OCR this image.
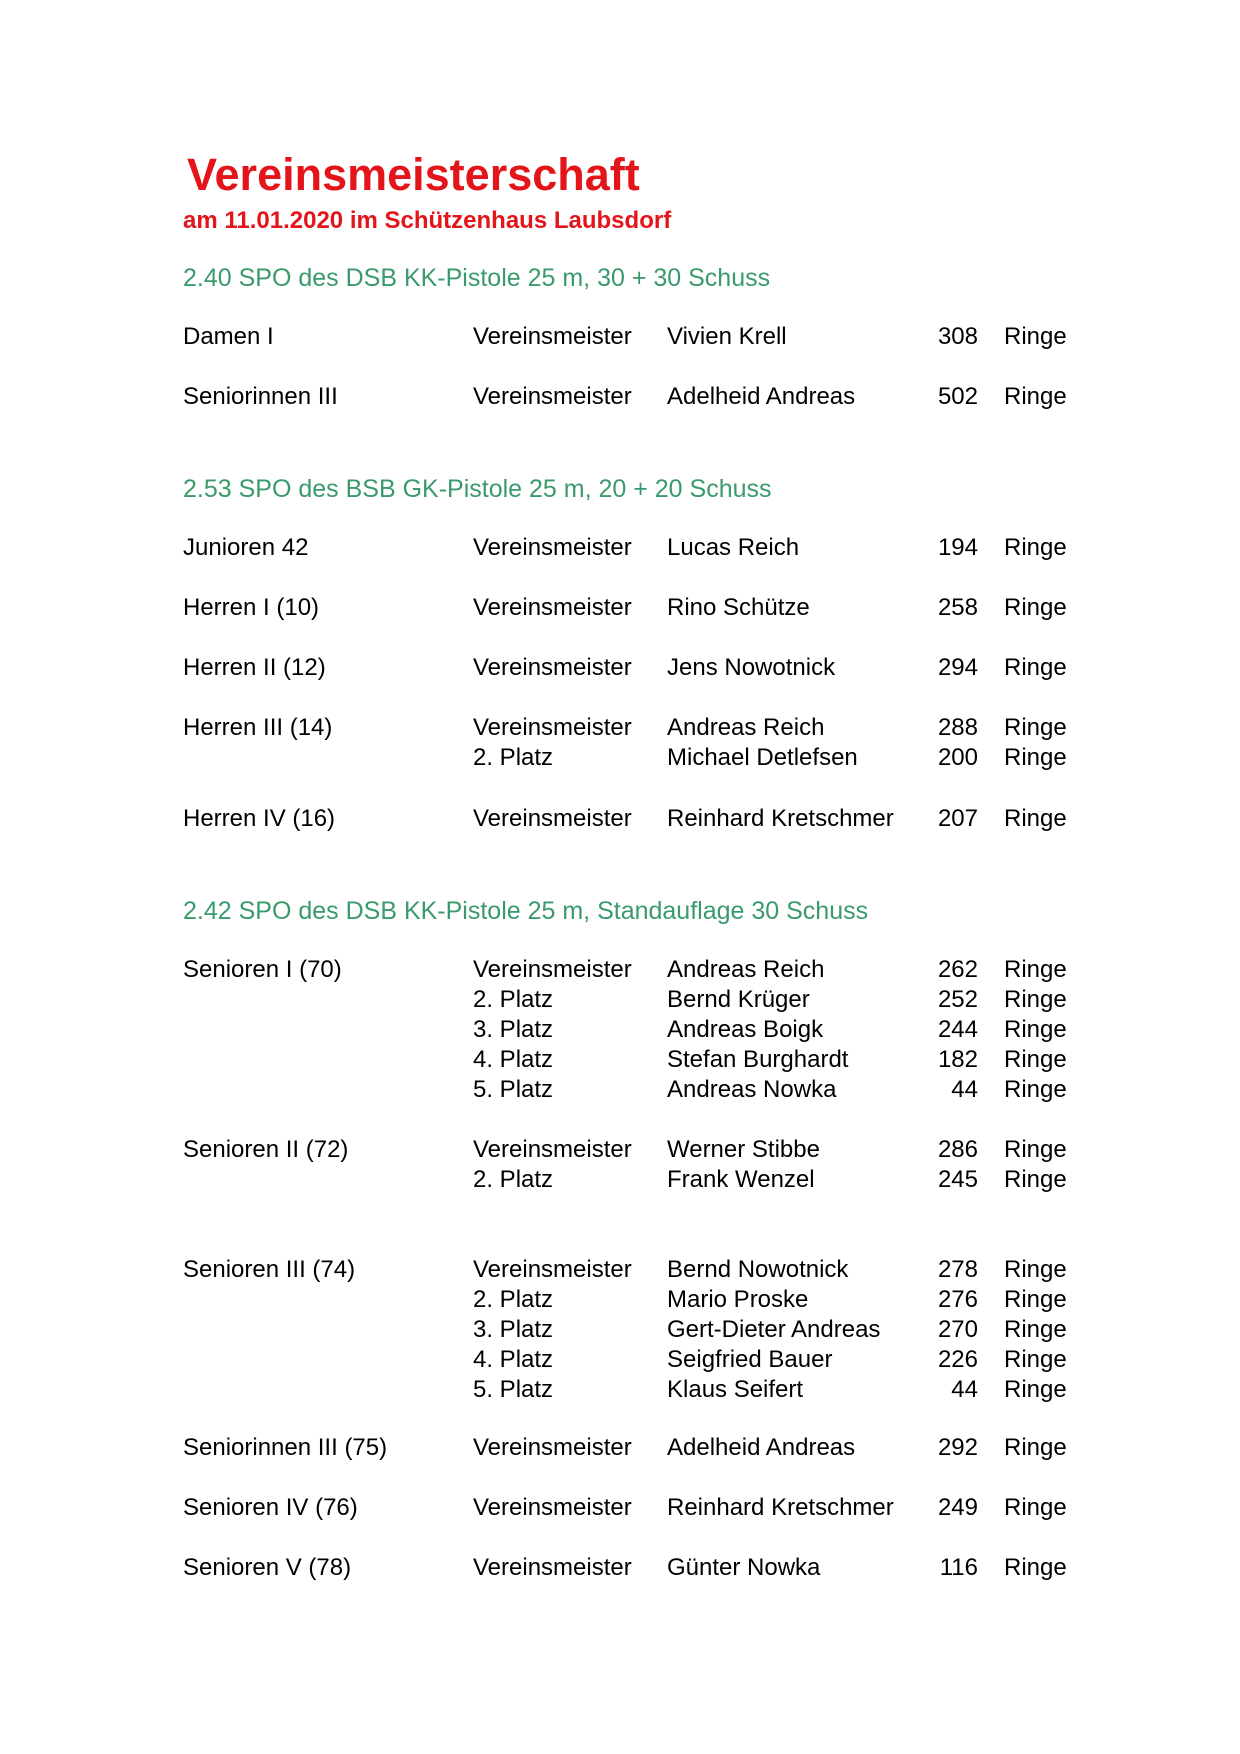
Vereinsmeisterschaft
am 11.01.2020 im Schützenhaus Laubsdorf
2.40 SPO des DSB KK-Pistole 25 m, 30 + 30 Schuss
Damen I	Vereinsmeister Vivien Krell	308 Ringe
Seniorinnen III	Vereinsmeister Adelheid Andreas	502 Ringe
2.53 SPO des BSB GK-Pistole 25 m, 20 + 20 Schuss
Junioren 42	Vereinsmeister Lucas Reich	194 Ringe
Herren I (10)	Vereinsmeister Rino Schütze	258 Ringe
Herren II (12)	Vereinsmeister Jens Nowotnick	294 Ringe
Herren III (14)	Vereinsmeister Andreas Reich	288 Ringe
2. Platz	Michael Detlefsen	200 Ringe
Herren IV (16)	Vereinsmeister Reinhard Kretschmer	207 Ringe
2.42 SPO des DSB KK-Pistole 25 m, Standauflage 30 Schuss
Senioren I (70)	Vereinsmeister Andreas Reich	262 Ringe
2. Platz	Bernd Krüger	252 Ringe
3. Platz	Andreas Boigk	244 Ringe
4. Platz	Stefan Burghardt	182 Ringe
5. Platz	Andreas Nowka	44 Ringe
Senioren II (72)	Vereinsmeister Werner Stibbe	286 Ringe
2. Platz	Frank Wenzel	245 Ringe
Senioren III (74)	Vereinsmeister Bernd Nowotnick	278 Ringe
2. Platz	Mario Proske	276 Ringe
3. Platz	Gert-Dieter Andreas	270 Ringe
4. Platz	Seigfried Bauer	226 Ringe
5. Platz	Klaus Seifert	44 Ringe
Seniorinnen III (75)	Vereinsmeister Adelheid Andreas	292 Ringe
Senioren IV (76)	Vereinsmeister Reinhard Kretschmer	249 Ringe
Senioren V (78)	Vereinsmeister Günter Nowka	116 Ringe
